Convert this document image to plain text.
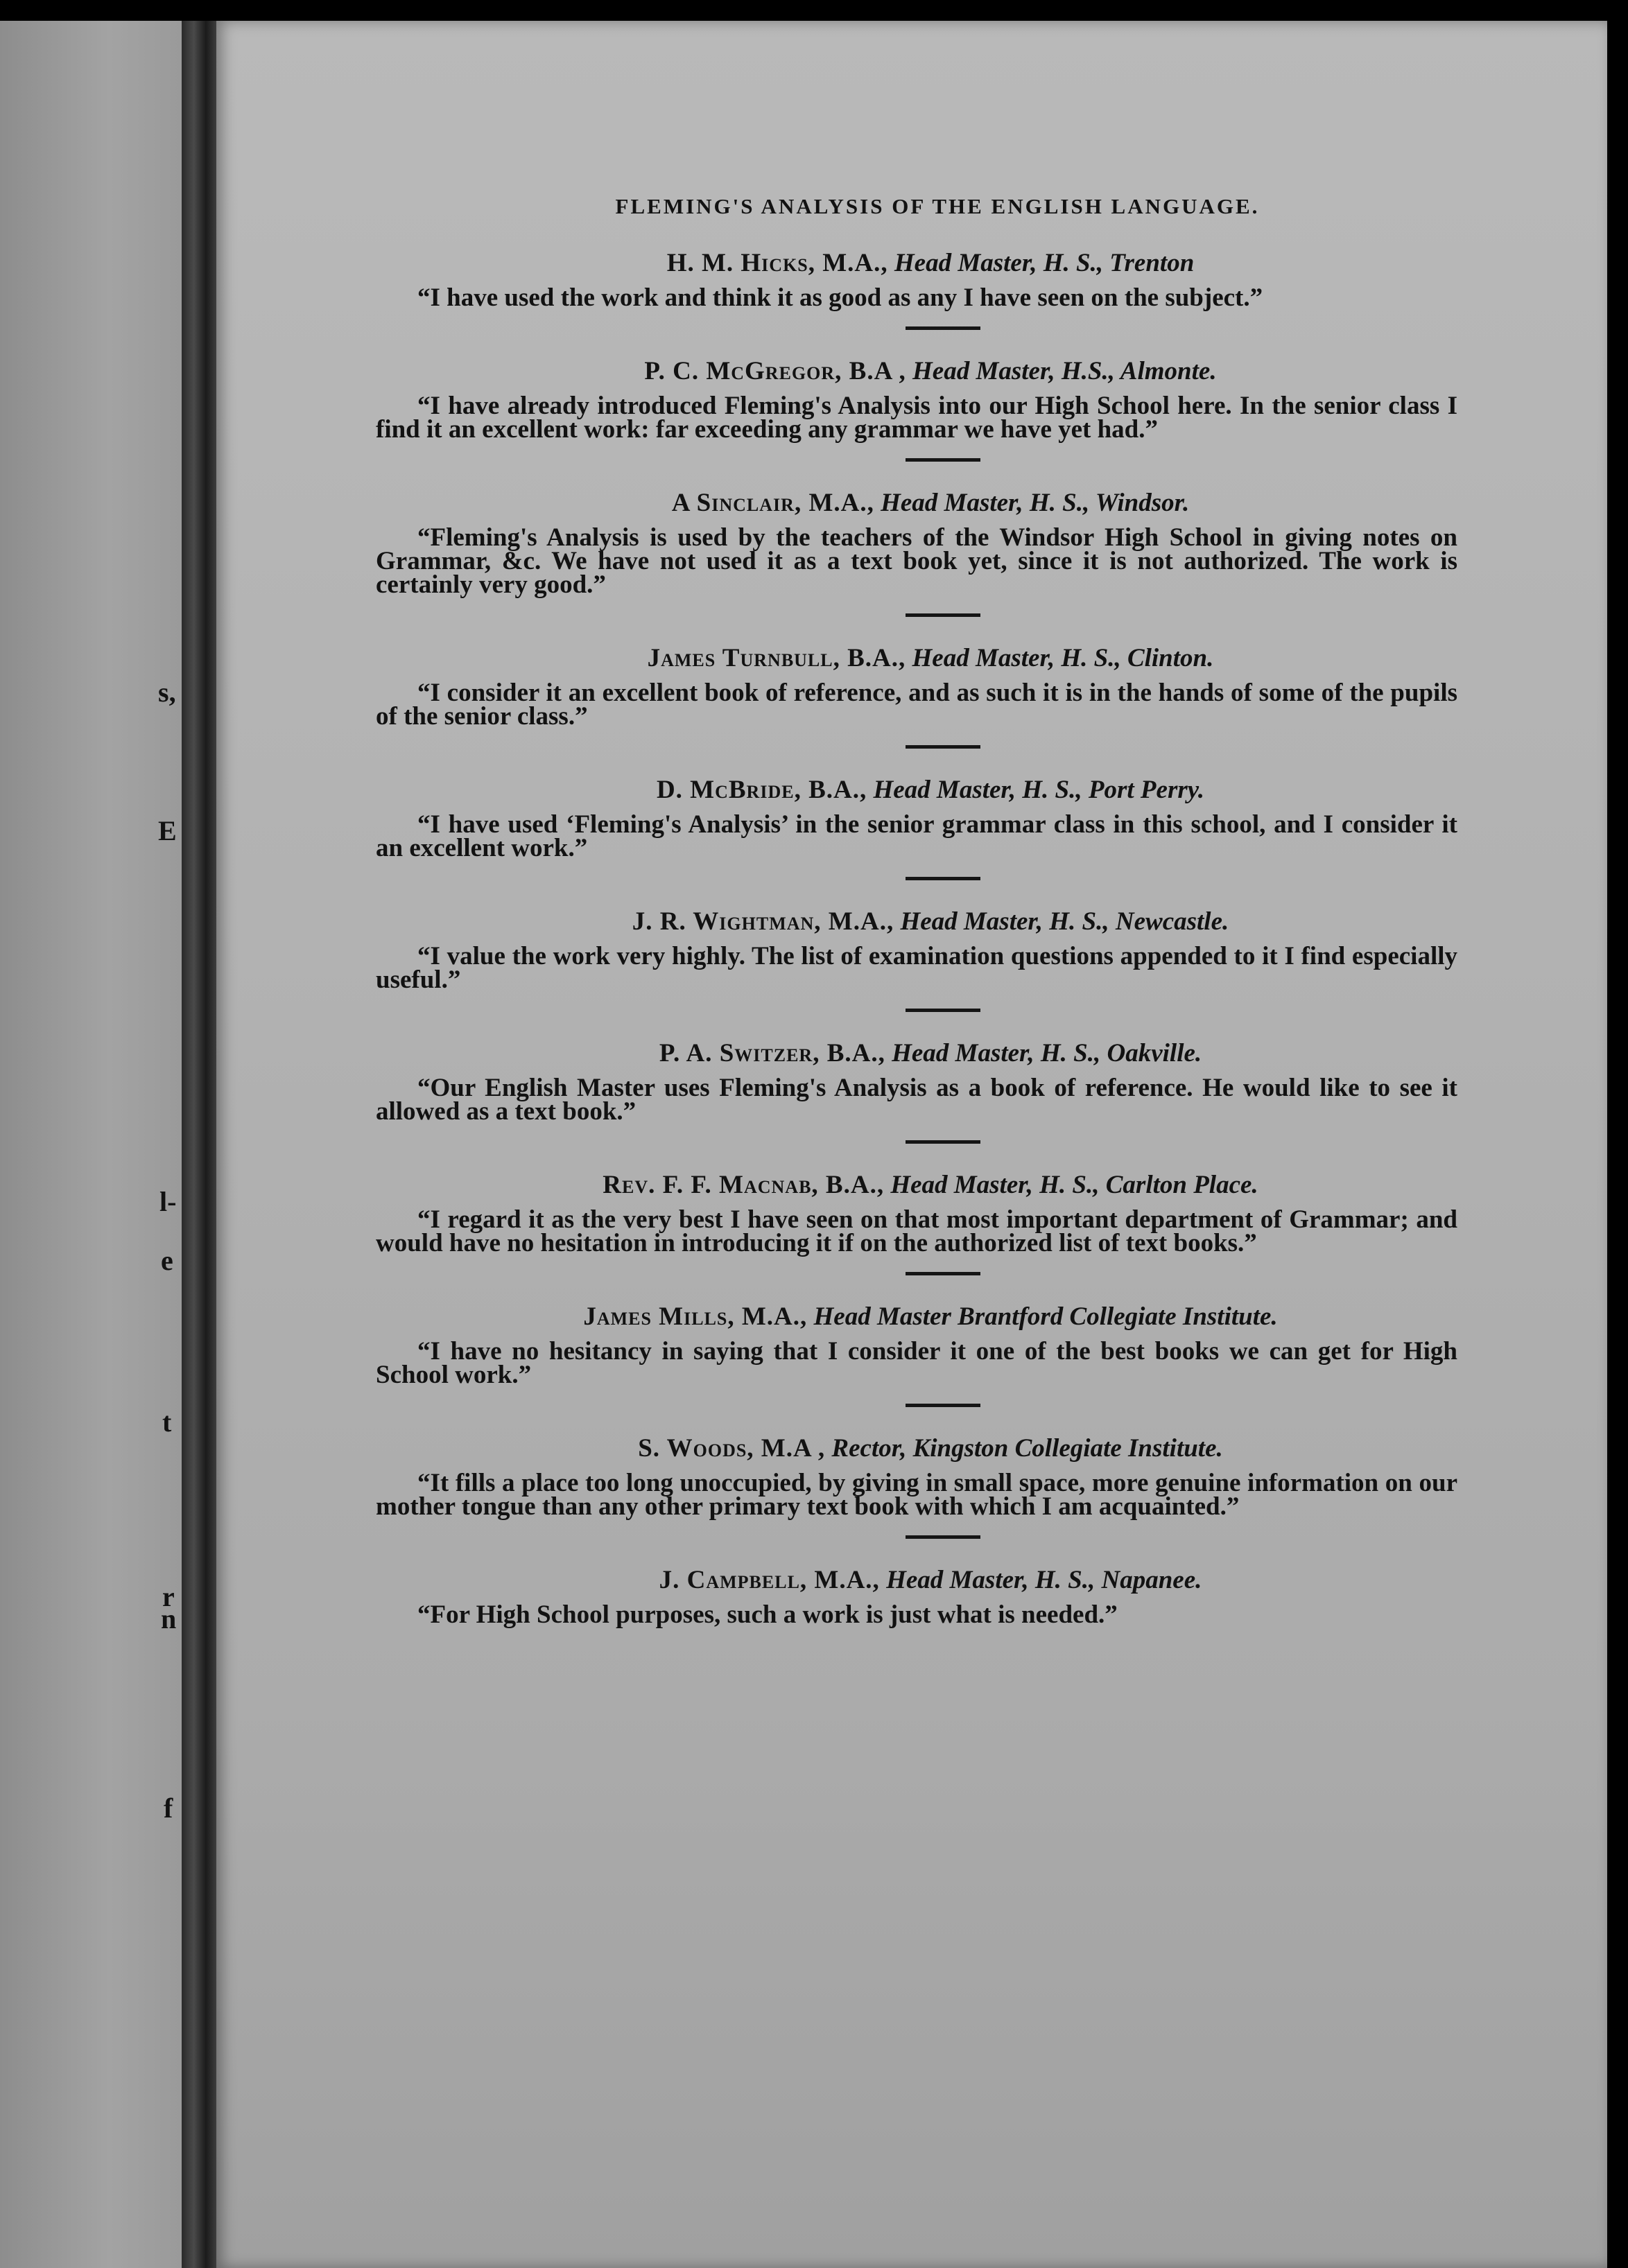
s,
E
l-
e
t
r
n
f
FLEMING'S ANALYSIS OF THE ENGLISH LANGUAGE.
H. M. Hicks, M.A., Head Master, H. S., Trenton

“I have used the work and think it as good as any I have seen on the subject.”

P. C. McGregor, B.A , Head Master, H.S., Almonte.

“I have already introduced Fleming's Analysis into our High School here. In the senior class I find it an excellent work: far exceeding any grammar we have yet had.”

A Sinclair, M.A., Head Master, H. S., Windsor.

“Fleming's Analysis is used by the teachers of the Windsor High School in giving notes on Grammar, &c. We have not used it as a text book yet, since it is not authorized. The work is certainly very good.”

James Turnbull, B.A., Head Master, H. S., Clinton.

“I consider it an excellent book of reference, and as such it is in the hands of some of the pupils of the senior class.”

D. McBride, B.A., Head Master, H. S., Port Perry.

“I have used ‘Fleming's Analysis’ in the senior grammar class in this school, and I consider it an excellent work.”

J. R. Wightman, M.A., Head Master, H. S., Newcastle.

“I value the work very highly. The list of examination questions appended to it I find especially useful.”

P. A. Switzer, B.A., Head Master, H. S., Oakville.

“Our English Master uses Fleming's Analysis as a book of reference. He would like to see it allowed as a text book.”

Rev. F. F. Macnab, B.A., Head Master, H. S., Carlton Place.

“I regard it as the very best I have seen on that most important department of Grammar; and would have no hesitation in introducing it if on the authorized list of text books.”

James Mills, M.A., Head Master Brantford Collegiate Institute.

“I have no hesitancy in saying that I consider it one of the best books we can get for High School work.”

S. Woods, M.A , Rector, Kingston Collegiate Institute.

“It fills a place too long unoccupied, by giving in small space, more genuine information on our mother tongue than any other primary text book with which I am acquainted.”

J. Campbell, M.A., Head Master, H. S., Napanee.

“For High School purposes, such a work is just what is needed.”
